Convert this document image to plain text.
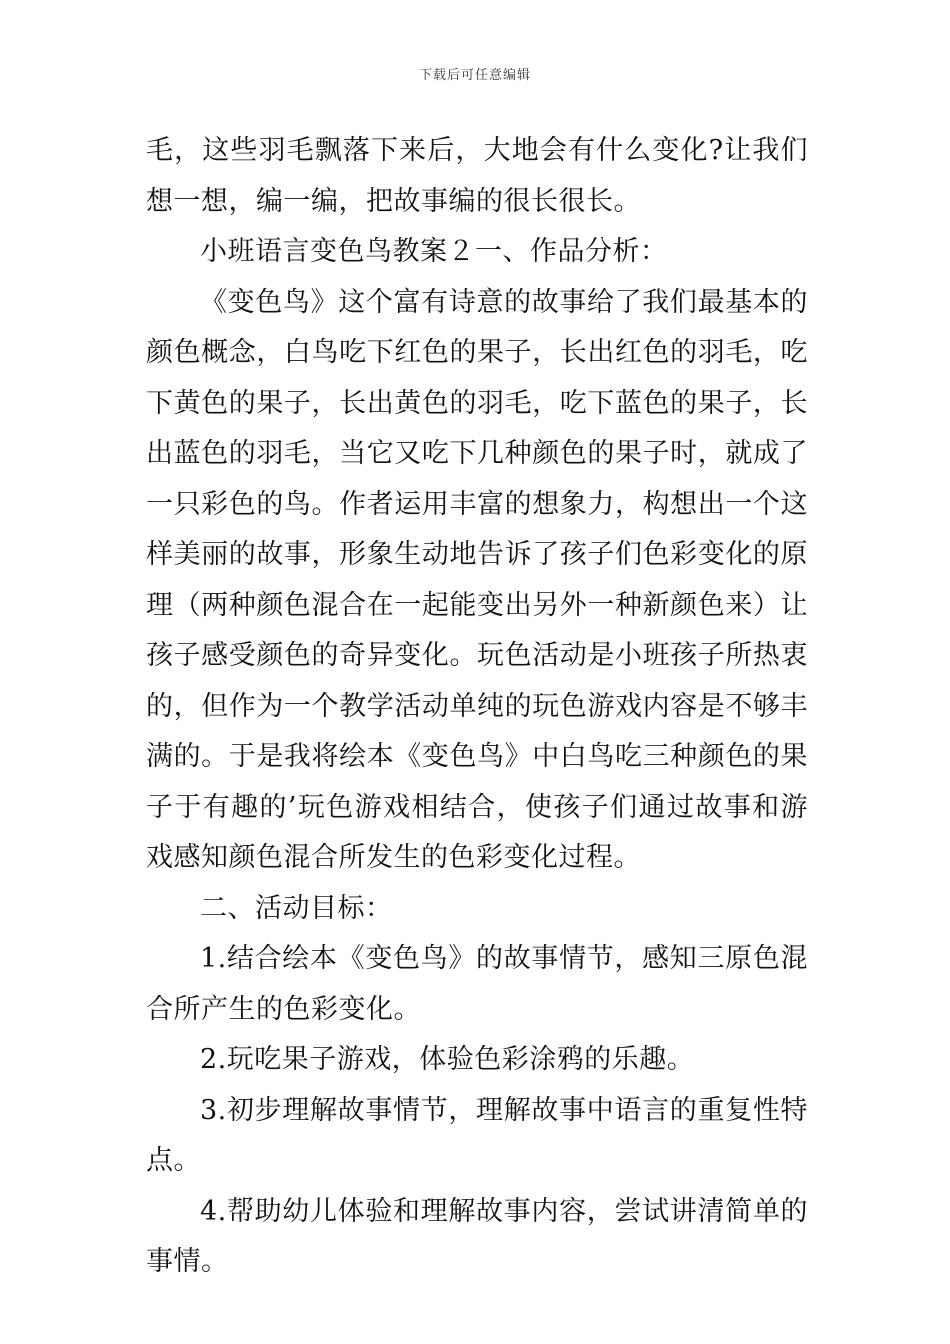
下载后可任意编辑

毛，这些羽毛飘落下来后，大地会有什么变化?让我们想一想，编一编，把故事编的很长很长。

小班语言变色鸟教案２一、作品分析：

《变色鸟》这个富有诗意的故事给了我们最基本的颜色概念，白鸟吃下红色的果子，长出红色的羽毛，吃下黄色的果子，长出黄色的羽毛，吃下蓝色的果子，长出蓝色的羽毛，当它又吃下几种颜色的果子时，就成了一只彩色的鸟。作者运用丰富的想象力，构想出一个这样美丽的故事，形象生动地告诉了孩子们色彩变化的原理（两种颜色混合在一起能变出另外一种新颜色来）让孩子感受颜色的奇异变化。玩色活动是小班孩子所热衷的，但作为一个教学活动单纯的玩色游戏内容是不够丰满的。于是我将绘本《变色鸟》中白鸟吃三种颜色的果子于有趣的’玩色游戏相结合，使孩子们通过故事和游戏感知颜色混合所发生的色彩变化过程。

二、活动目标：

1.结合绘本《变色鸟》的故事情节，感知三原色混合所产生的色彩变化。

2.玩吃果子游戏，体验色彩涂鸦的乐趣。

3.初步理解故事情节，理解故事中语言的重复性特点。

4.帮助幼儿体验和理解故事内容，尝试讲清简单的事情。
